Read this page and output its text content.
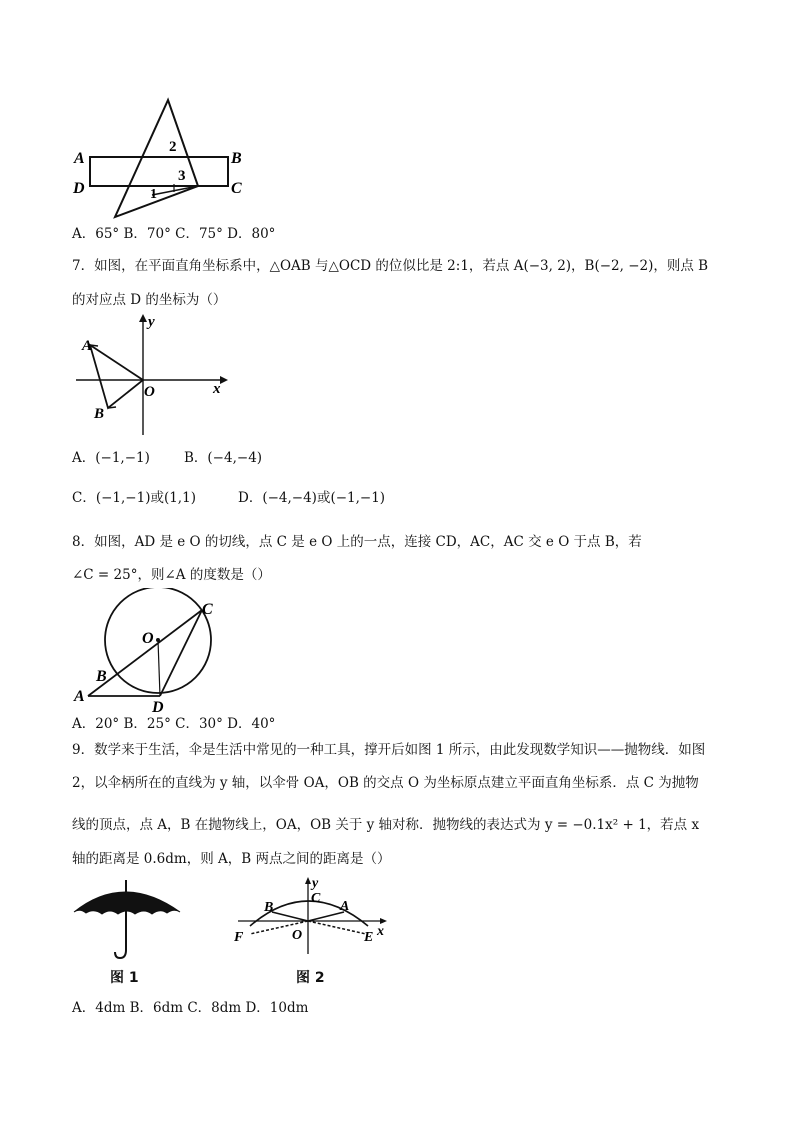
A	B
D	C
2
3
1
A．65° B．70° C．75° D．80°
7．如图，在平面直角坐标系中，△OAB 与△OCD 的位似比是 2:1，若点 A(−3, 2)，B(−2, −2)，则点 B
的对应点 D 的坐标为（）
y
x
O
A
B
A．(−1,−1)	B．(−4,−4)
C．(−1,−1)或(1,1)	D．(−4,−4)或(−1,−1)
8．如图，AD 是 e O 的切线，点 C 是 e O 上的一点，连接 CD，AC，AC 交 e O 于点 B，若
∠C = 25°，则∠A 的度数是（）
C
O
B
A
D
A．20° B．25° C．30° D．40°
9．数学来于生活，伞是生活中常见的一种工具，撑开后如图 1 所示，由此发现数学知识——抛物线．如图
2，以伞柄所在的直线为 y 轴，以伞骨 OA，OB 的交点 O 为坐标原点建立平面直角坐标系．点 C 为抛物
线的顶点，点 A，B 在抛物线上，OA，OB 关于 y 轴对称．抛物线的表达式为 y = −0.1x² + 1，若点 x
轴的距离是 0.6dm，则 A，B 两点之间的距离是（）
图 1
y
B
C
A
F	O	E x
图 2
A．4dm B．6dm C．8dm D．10dm
